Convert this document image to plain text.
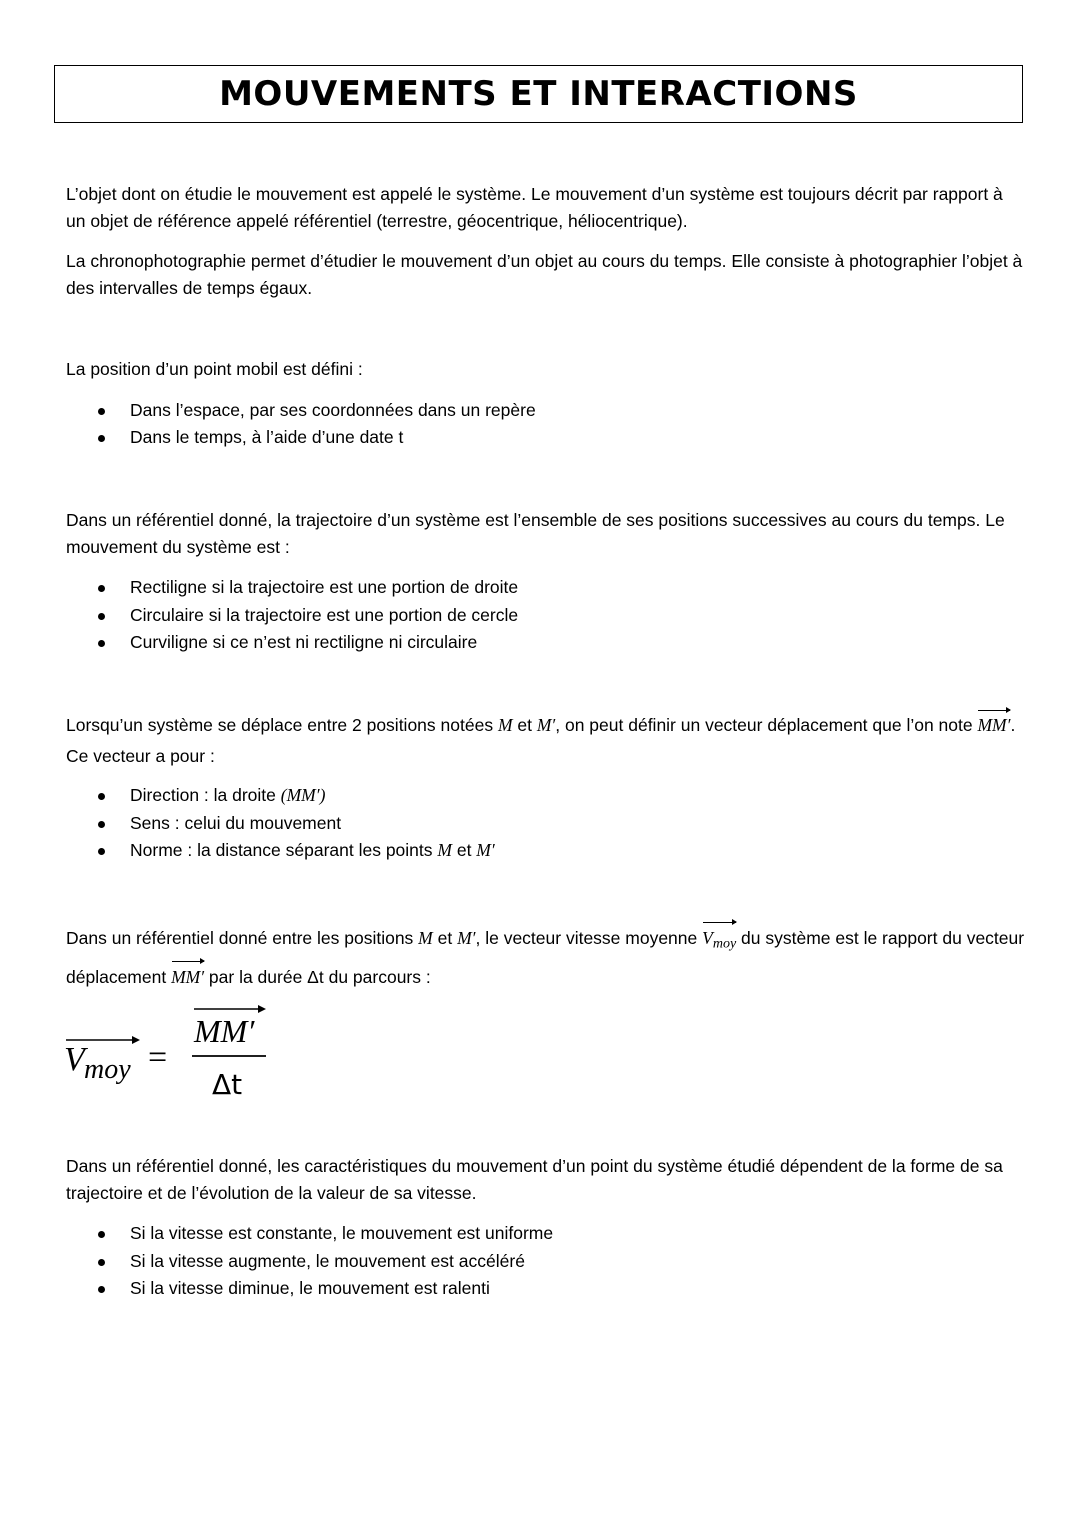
MOUVEMENTS ET INTERACTIONS

L’objet dont on étudie le mouvement est appelé le système. Le mouvement d’un système est toujours décrit par rapport à un objet de référence appelé référentiel (terrestre, géocentrique, héliocentrique).

La chronophotographie permet d’étudier le mouvement d’un objet au cours du temps. Elle consiste à photographier l’objet à des intervalles de temps égaux.

La position d’un point mobil est défini :

Dans l’espace, par ses coordonnées dans un repère
Dans le temps, à l’aide d’une date t

Dans un référentiel donné, la trajectoire d’un système est l’ensemble de ses positions successives au cours du temps. Le mouvement du système est :

Rectiligne si la trajectoire est une portion de droite
Circulaire si la trajectoire est une portion de cercle
Curviligne si ce n’est ni rectiligne ni circulaire

Lorsqu’un système se déplace entre 2 positions notées M et M′, on peut définir un vecteur déplacement que l’on note MM′. Ce vecteur a pour :

Direction : la droite (MM′)
Sens : celui du mouvement
Norme : la distance séparant les points M et M′

Dans un référentiel donné entre les positions M et M′, le vecteur vitesse moyenne $V_{moy}$ du système est le rapport du vecteur déplacement MM′ par la durée Δt du parcours :

V moy =
MM′
Δt

Dans un référentiel donné, les caractéristiques du mouvement d’un point du système étudié dépendent de la forme de sa trajectoire et de l’évolution de la valeur de sa vitesse.

Si la vitesse est constante, le mouvement est uniforme
Si la vitesse augmente, le mouvement est accéléré
Si la vitesse diminue, le mouvement est ralenti
